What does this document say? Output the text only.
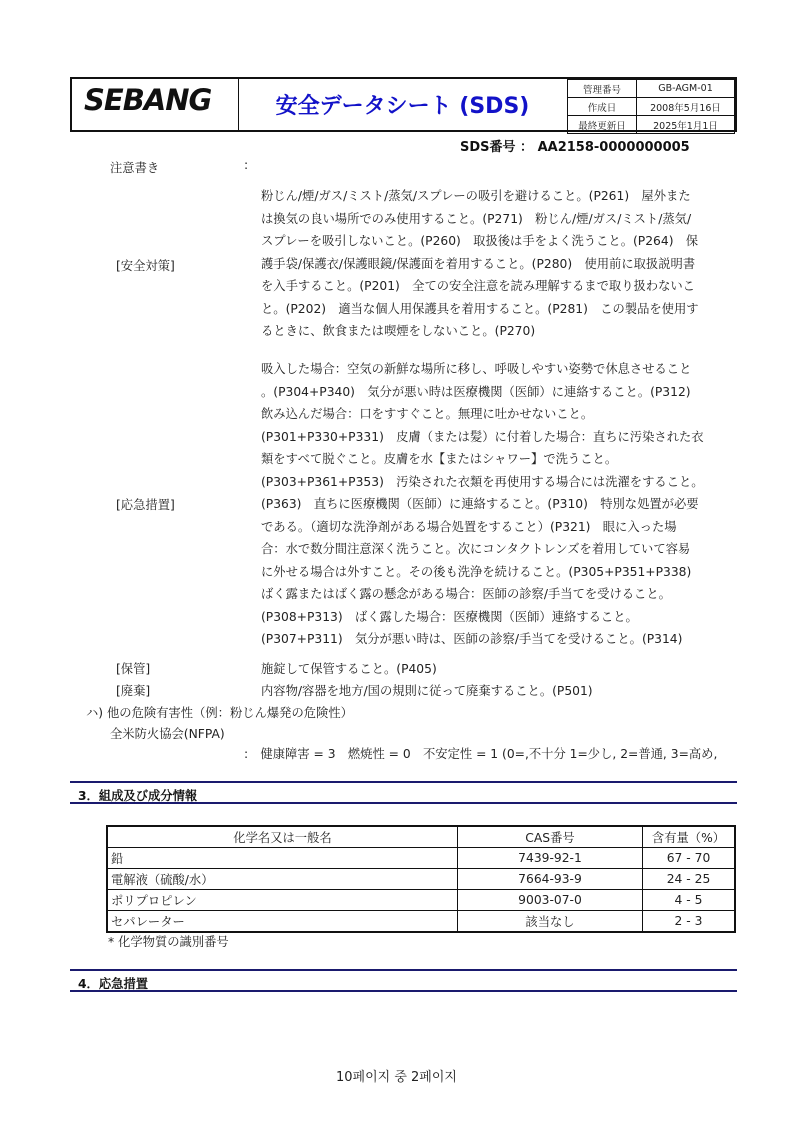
SEBANG	安全データシート (SDS)
管理番号	GB-AGM-01
作成日	2008年5月16日
最終更新日	2025年1月1日
SDS番号 ： AA2158-0000000005
注意書き	:
[安全対策]
粉じん/煙/ガス/ミスト/蒸気/スプレーの吸引を避けること。(P261)　屋外また
は換気の良い場所でのみ使用すること。(P271)　粉じん/煙/ガス/ミスト/蒸気/
スプレーを吸引しないこと。(P260)　取扱後は手をよく洗うこと。(P264)　保
護手袋/保護衣/保護眼鏡/保護面を着用すること。(P280)　使用前に取扱説明書
を入手すること。(P201)　全ての安全注意を読み理解するまで取り扱わないこ
と。(P202)　適当な個人用保護具を着用すること。(P281)　この製品を使用す
るときに、飲食または喫煙をしないこと。(P270)
[応急措置]
吸入した場合：空気の新鮮な場所に移し、呼吸しやすい姿勢で休息させること
。(P304+P340)　気分が悪い時は医療機関（医師）に連絡すること。(P312)
飲み込んだ場合：口をすすぐこと。無理に吐かせないこと。
(P301+P330+P331)　皮膚（または髪）に付着した場合：直ちに汚染された衣
類をすべて脱ぐこと。皮膚を水【またはシャワー】で洗うこと。
(P303+P361+P353)　汚染された衣類を再使用する場合には洗濯をすること。
(P363)　直ちに医療機関（医師）に連絡すること。(P310)　特別な処置が必要
である。（適切な洗浄剤がある場合処置をすること）(P321)　眼に入った場
合：水で数分間注意深く洗うこと。次にコンタクトレンズを着用していて容易
に外せる場合は外すこと。その後も洗浄を続けること。(P305+P351+P338)
ばく露またはばく露の懸念がある場合：医師の診察/手当てを受けること。
(P308+P313)　ばく露した場合：医療機関（医師）連絡すること。
(P307+P311)　気分が悪い時は、医師の診察/手当てを受けること。(P314)
[保管]	施錠して保管すること。(P405)
[廃棄]	内容物/容器を地方/国の規則に従って廃棄すること。(P501)
ハ) 他の危険有害性（例：粉じん爆発の危険性）
全米防火協会(NFPA)
:　健康障害 = 3　燃焼性 = 0　不安定性 = 1 (0=,不十分 1=少し, 2=普通, 3=高め,
3．組成及び成分情報
化学名又は一般名	CAS番号	含有量（%）
鉛	7439-92-1	67 - 70
電解液（硫酸/水）	7664-93-9	24 - 25
ポリプロピレン	9003-07-0	4 - 5
セパレーター	該当なし	2 - 3
* 化学物質の識別番号
4．応急措置
10페이지 중 2페이지
